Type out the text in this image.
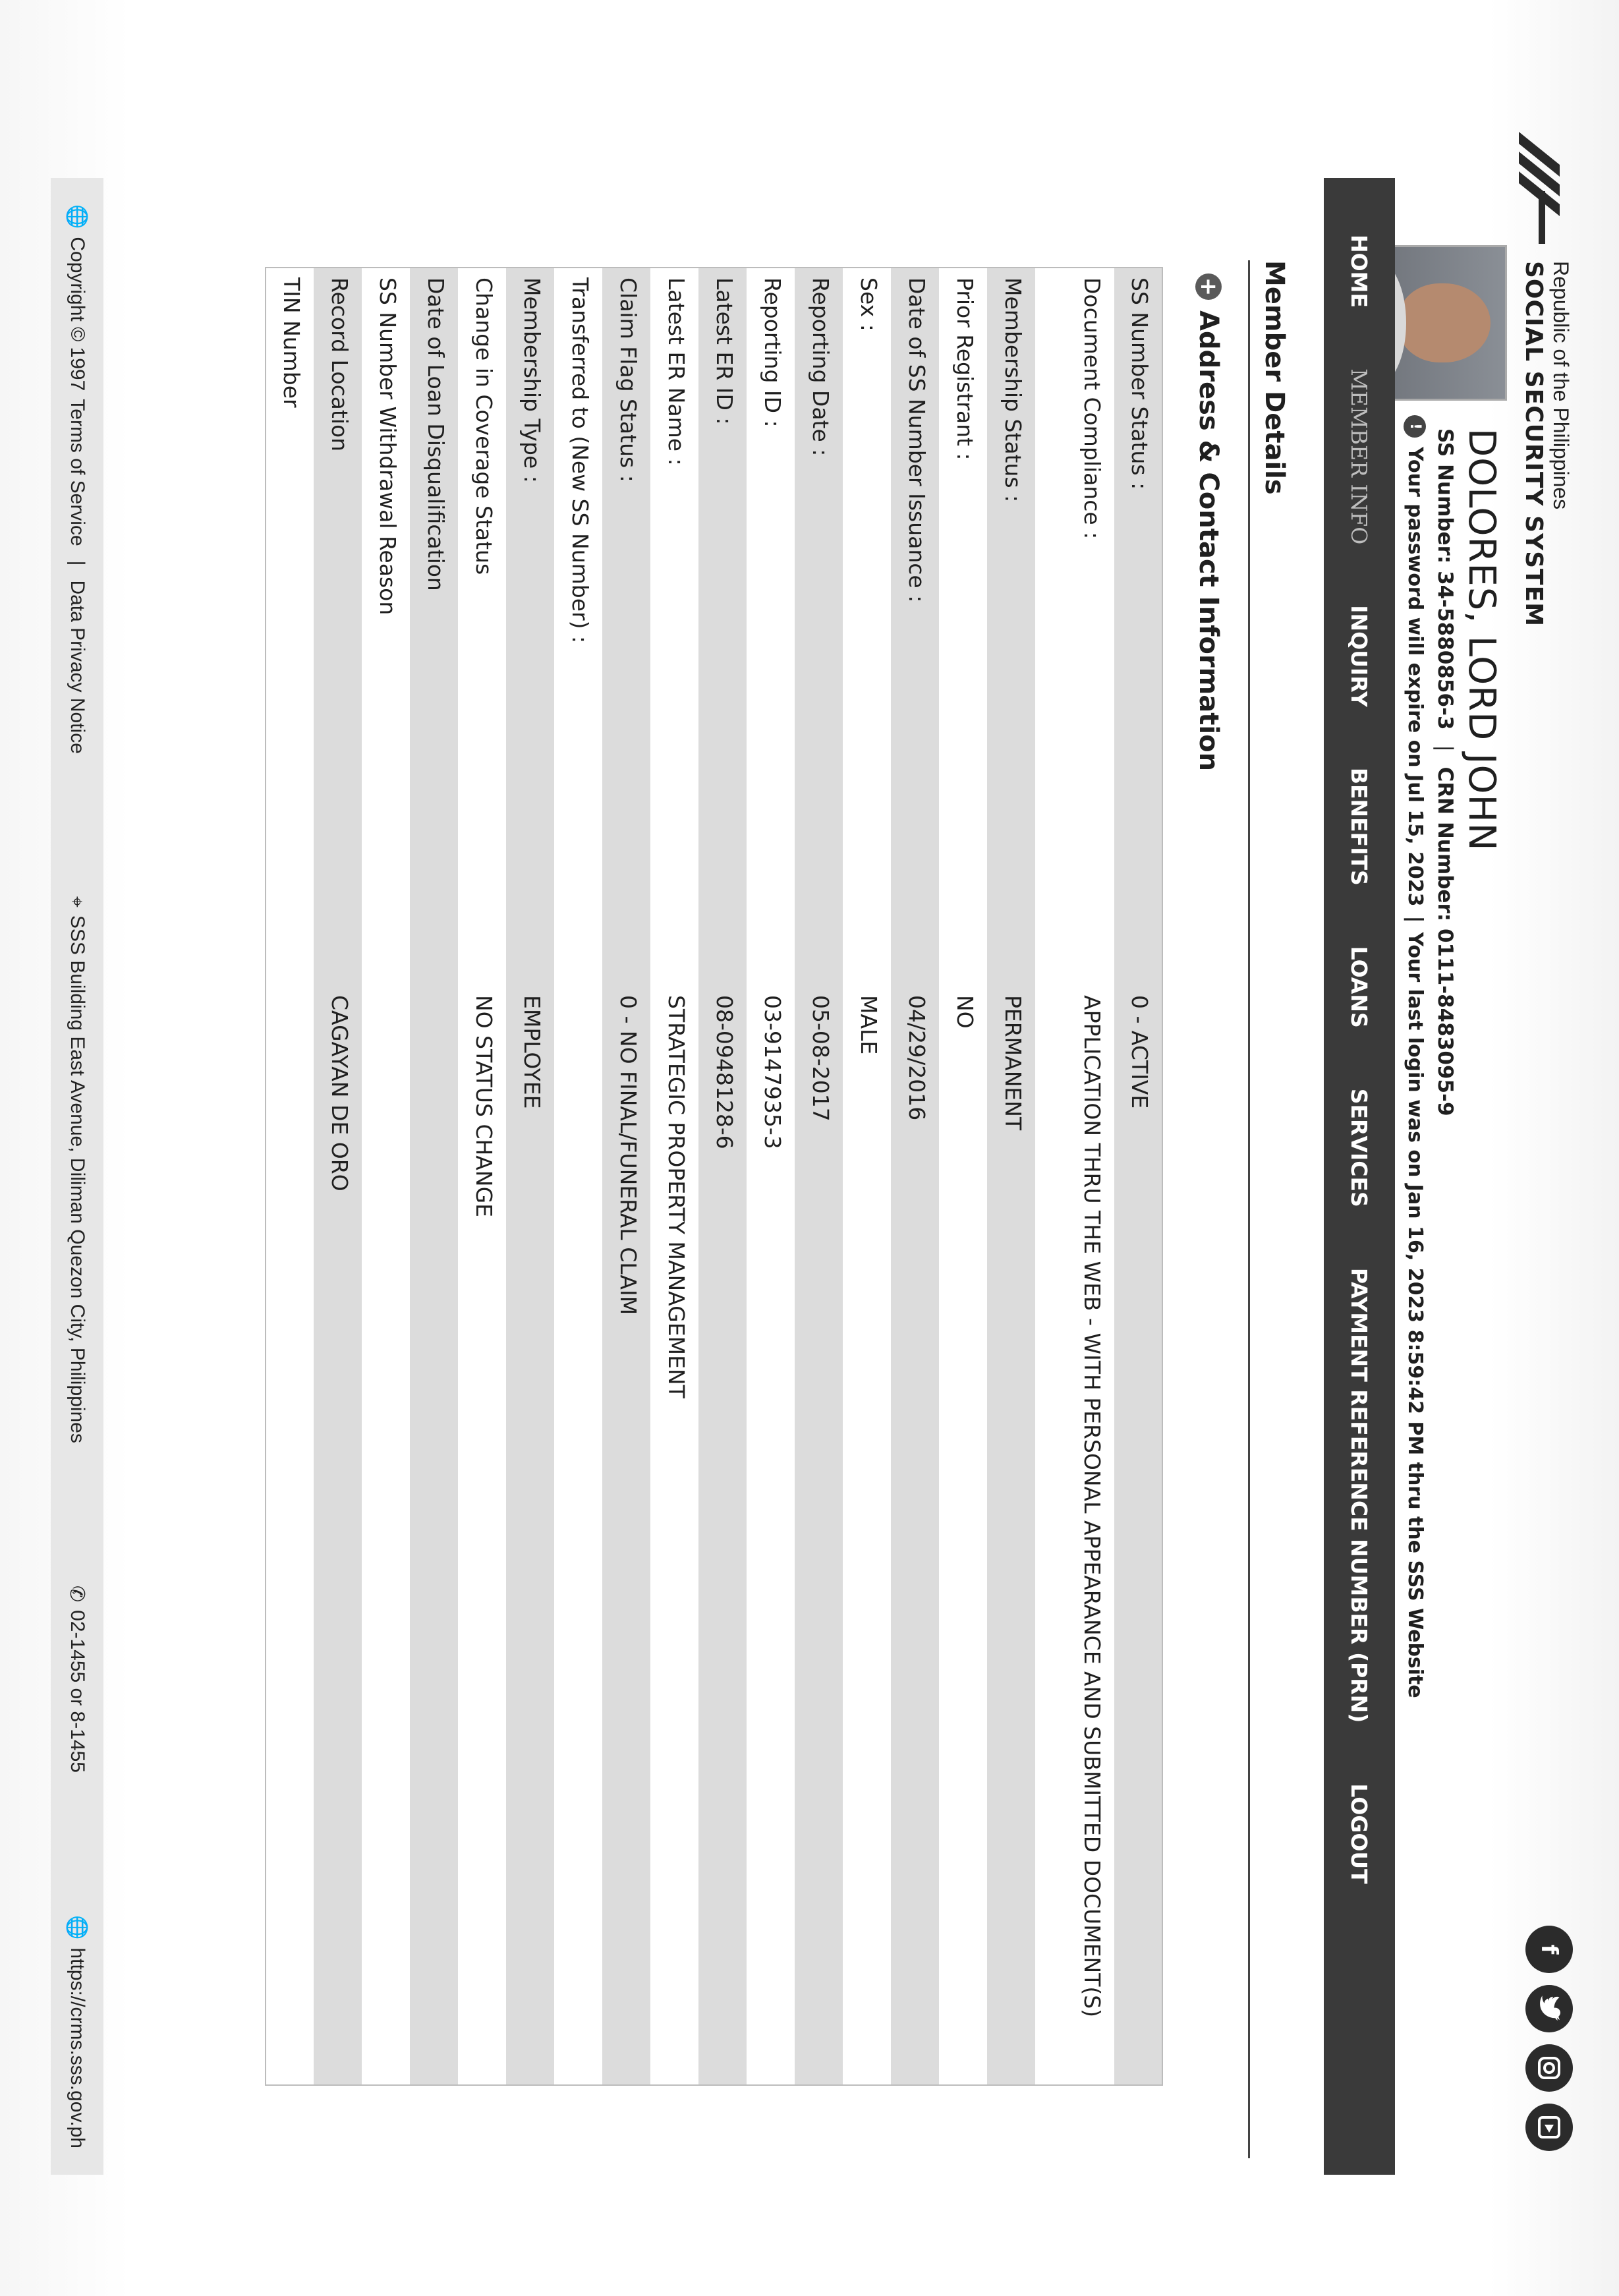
Republic of the Philippines
SOCIAL SECURITY SYSTEM
f
DOLORES, LORD JOHN
SS Number: 34-5880856-3 | CRN Number: 0111-8483095-9
!
Your password will expire on Jul 15, 2023
|
Your last login was on Jan 16, 2023 8:59:42 PM thru the SSS Website
HOME
MEMBER INFO
INQUIRY
BENEFITS
LOANS
SERVICES
PAYMENT REFERENCE NUMBER (PRN)
LOGOUT
Member Details
+
Address & Contact Information
SS Number Status :	0 - ACTIVE
Document Compliance :	APPLICATION THRU THE WEB - WITH PERSONAL APPEARANCE AND SUBMITTED DOCUMENT(S)
Membership Status :	PERMANENT
Prior Registrant :	NO
Date of SS Number Issuance :	04/29/2016
Sex :	MALE
Reporting Date :	05-08-2017
Reporting ID :	03-9147935-3
Latest ER ID :	08-0948128-6
Latest ER Name :	STRATEGIC PROPERTY MANAGEMENT
Claim Flag Status :	0 - NO FINAL/FUNERAL CLAIM
Transferred to (New SS Number) :	
Membership Type :	EMPLOYEE
Change in Coverage Status	NO STATUS CHANGE
Date of Loan Disqualification	
SS Number Withdrawal Reason	
Record Location	CAGAYAN DE ORO
TIN Number	
🌐
Copyright © 1997
Terms of Service
|
Data Privacy Notice
⌖
SSS Building East Avenue, Diliman Quezon City, Philippines
✆
02-1455 or 8-1455
🌐
https://crms.sss.gov.ph
